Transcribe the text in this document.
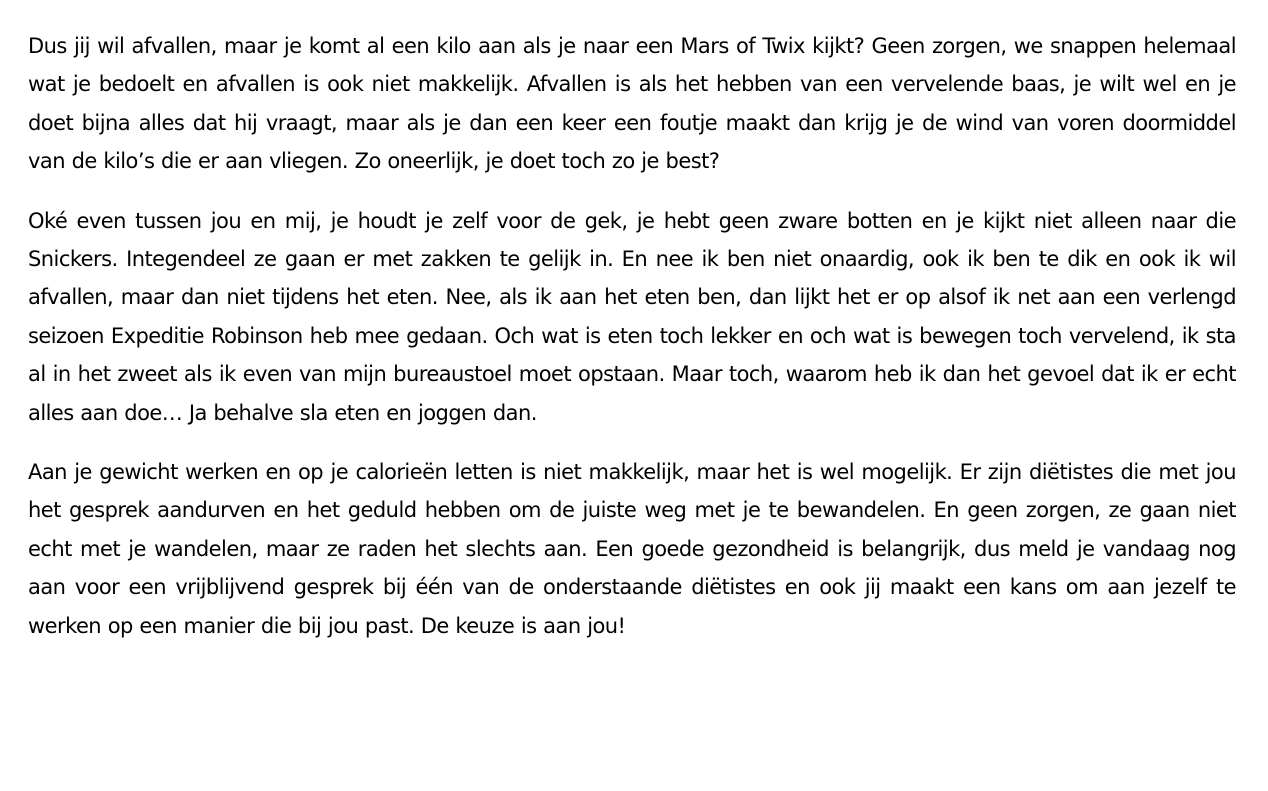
Dus jij wil afvallen, maar je komt al een kilo aan als je naar een Mars of Twix kijkt? Geen zorgen, we snappen helemaal wat je bedoelt en afvallen is ook niet makkelijk. Afvallen is als het hebben van een vervelende baas, je wilt wel en je doet bijna alles dat hij vraagt, maar als je dan een keer een foutje maakt dan krijg je de wind van voren doormiddel van de kilo’s die er aan vliegen. Zo oneerlijk, je doet toch zo je best?

Oké even tussen jou en mij, je houdt je zelf voor de gek, je hebt geen zware botten en je kijkt niet alleen naar die Snickers. Integendeel ze gaan er met zakken te gelijk in. En nee ik ben niet onaardig, ook ik ben te dik en ook ik wil afvallen, maar dan niet tijdens het eten. Nee, als ik aan het eten ben, dan lijkt het er op alsof ik net aan een verlengd seizoen Expeditie Robinson heb mee gedaan. Och wat is eten toch lekker en och wat is bewegen toch vervelend, ik sta al in het zweet als ik even van mijn bureaustoel moet opstaan. Maar toch, waarom heb ik dan het gevoel dat ik er echt alles aan doe… Ja behalve sla eten en joggen dan.

Aan je gewicht werken en op je calorieën letten is niet makkelijk, maar het is wel mogelijk. Er zijn diëtistes die met jou het gesprek aandurven en het geduld hebben om de juiste weg met je te bewandelen. En geen zorgen, ze gaan niet echt met je wandelen, maar ze raden het slechts aan. Een goede gezondheid is belangrijk, dus meld je vandaag nog aan voor een vrijblijvend gesprek bij één van de onderstaande diëtistes en ook jij maakt een kans om aan jezelf te werken op een manier die bij jou past. De keuze is aan jou!
